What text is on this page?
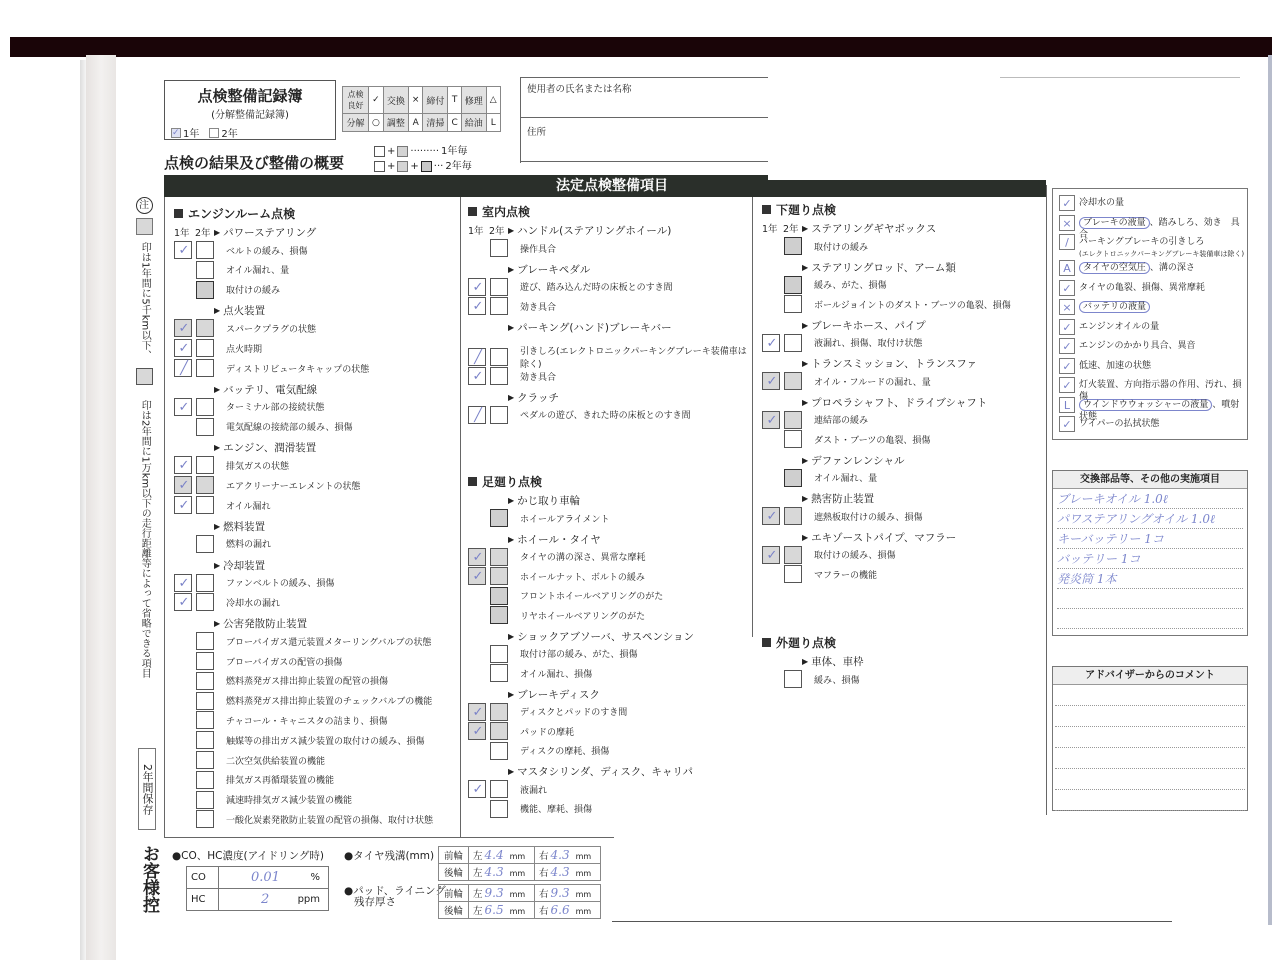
点検整備記録簿
(分解整備記録簿)
✓ 1年 2年
点検良好	✓	交換	×	締付	T	修理	△
分解	○	調整	A	清掃	C	給油	L
点検の結果及び整備の概要
+ ········· 1年毎
+
+ ··· 2年毎
使用者の氏名または名称
住所
法定点検整備項目
注
印は1年間に5千km以下、
印は2年間に1万km以下の走行距離等によって省略できる項目
2年間保存
お客様控
エンジンルーム点検
▶ パワーステアリング
1年 2年
✓	ベルトの緩み、損傷
オイル漏れ、量
取付けの緩み
▶ 点火装置
✓	スパークプラグの状態
✓	点火時期
╱	ディストリビュータキャップの状態
▶ バッテリ、電気配線
✓	ターミナル部の接続状態
電気配線の接続部の緩み、損傷
▶ エンジン、潤滑装置
✓	排気ガスの状態
✓	エアクリーナーエレメントの状態
✓	オイル漏れ
▶ 燃料装置
燃料の漏れ
▶ 冷却装置
✓	ファンベルトの緩み、損傷
✓	冷却水の漏れ
▶ 公害発散防止装置
ブローバイガス還元装置メターリングバルブの状態
ブローバイガスの配管の損傷
燃料蒸発ガス排出抑止装置の配管の損傷
燃料蒸発ガス排出抑止装置のチェックバルブの機能
チャコール・キャニスタの詰まり、損傷
触媒等の排出ガス減少装置の取付けの緩み、損傷
二次空気供給装置の機能
排気ガス再循環装置の機能
減速時排気ガス減少装置の機能
一酸化炭素発散防止装置の配管の損傷、取付け状態
室内点検
▶ ハンドル(ステアリングホイール)
1年 2年
操作具合
▶ ブレーキペダル
✓	遊び、踏み込んだ時の床板とのすき間
✓	効き具合
▶ パーキング(ハンド)ブレーキバー
╱	引きしろ(エレクトロニックパーキングブレーキ装備車は除く)
✓	効き具合
▶ クラッチ
╱	ペダルの遊び、きれた時の床板とのすき間
足廻り点検
▶ かじ取り車輪
ホイールアライメント
▶ ホイール・タイヤ
✓	タイヤの溝の深さ、異常な摩耗
✓	ホイールナット、ボルトの緩み
フロントホイールベアリングのがた
リヤホイールベアリングのがた
▶ ショックアブソーバ、サスペンション
取付け部の緩み、がた、損傷
オイル漏れ、損傷
▶ ブレーキディスク
✓	ディスクとパッドのすき間
✓	パッドの摩耗
ディスクの摩耗、損傷
▶ マスタシリンダ、ディスク、キャリパ
✓	液漏れ
機能、摩耗、損傷
下廻り点検
▶ ステアリングギヤボックス
1年 2年
取付けの緩み
▶ ステアリングロッド、アーム類
緩み、がた、損傷
ボールジョイントのダスト・ブーツの亀裂、損傷
▶ ブレーキホース、パイプ
✓	液漏れ、損傷、取付け状態
▶ トランスミッション、トランスファ
✓	オイル・フルードの漏れ、量
▶ プロペラシャフト、ドライブシャフト
✓	連結部の緩み
ダスト・ブーツの亀裂、損傷
▶ デファンレンシャル
オイル漏れ、量
▶ 熱害防止装置
✓	遮熱板取付けの緩み、損傷
▶ エキゾーストパイプ、マフラー
✓	取付けの緩み、損傷
マフラーの機能
外廻り点検
▶ 車体、車枠
緩み、損傷
✓ 冷却水の量
×	ブレーキの液量 、踏みしろ、効き　具合
/	パーキングブレーキの引きしろ
(エレクトロニックパーキングブレーキ装備車は除く)
A	タイヤの空気圧 、溝の深さ
✓ タイヤの亀裂、損傷、異常摩耗
×	バッテリの液量
✓ エンジンオイルの量
✓ エンジンのかかり具合、異音
✓ 低速、加速の状態
✓ 灯火装置、方向指示器の作用、汚れ、損傷
L	ウインドウウォッシャーの液量 、噴射状態
✓ ワイパーの払拭状態
交換部品等、その他の実施項目
ブレーキオイル 1.0ℓ
パワステアリングオイル 1.0ℓ
キーバッテリー 1コ
バッテリー 1コ
発炎筒 1本
アドバイザーからのコメント
●CO、HC濃度(アイドリング時)
CO	0.01 %

HC	2 ppm
●タイヤ残溝(mm)
●パッド、ライニング
残存厚さ
前輪	左 4.4 mm	右 4.3 mm
後輪	左 4.3 mm	右 4.3 mm
前輪	左 9.3 mm	右 9.3 mm
後輪	左 6.5 mm	右 6.6 mm
